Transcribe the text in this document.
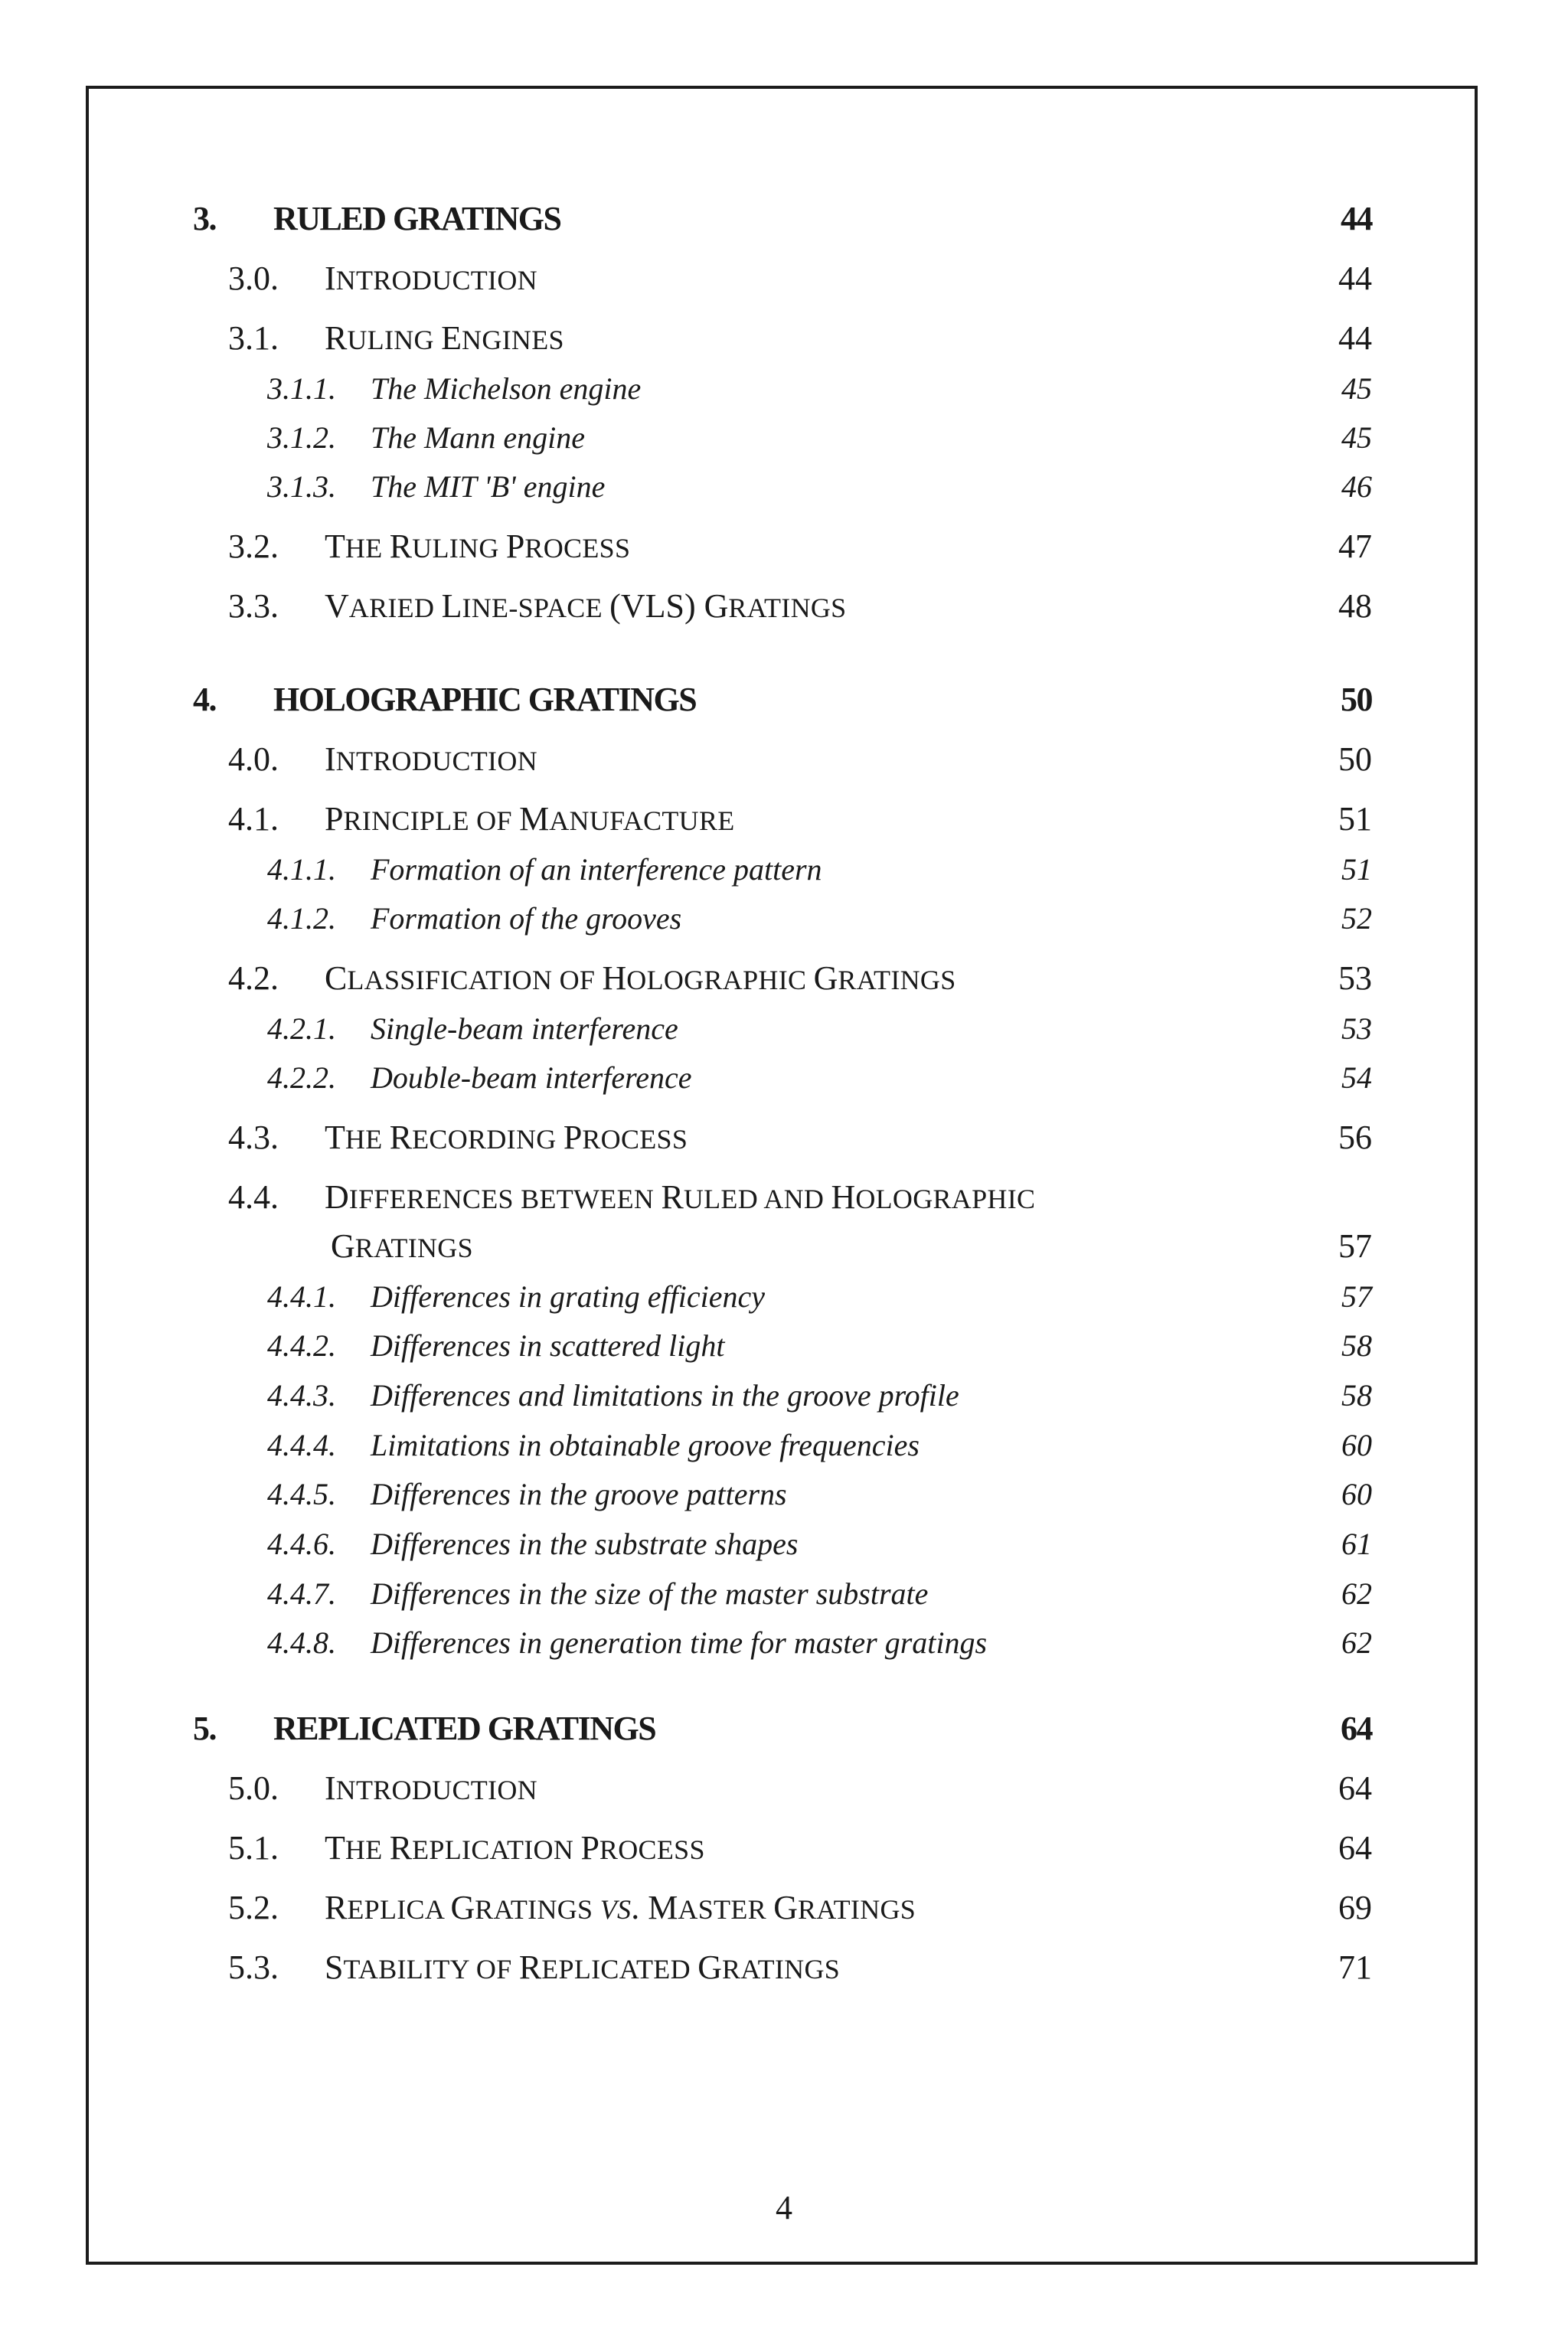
3. RULED GRATINGS	44
3.0. INTRODUCTION	44
3.1. RULING ENGINES	44
3.1.1. The Michelson engine	45
3.1.2. The Mann engine	45
3.1.3. The MIT 'B' engine	46
3.2. THE RULING PROCESS	47
3.3. VARIED LINE-SPACE (VLS) GRATINGS	48
4. HOLOGRAPHIC GRATINGS	50
4.0. INTRODUCTION	50
4.1. PRINCIPLE OF MANUFACTURE	51
4.1.1. Formation of an interference pattern	51
4.1.2. Formation of the grooves	52
4.2. CLASSIFICATION OF HOLOGRAPHIC GRATINGS	53
4.2.1. Single-beam interference	53
4.2.2. Double-beam interference	54
4.3. THE RECORDING PROCESS	56
4.4. DIFFERENCES BETWEEN RULED AND HOLOGRAPHIC
GRATINGS	57
4.4.1. Differences in grating efficiency	57
4.4.2. Differences in scattered light	58
4.4.3. Differences and limitations in the groove profile	58
4.4.4. Limitations in obtainable groove frequencies	60
4.4.5. Differences in the groove patterns	60
4.4.6. Differences in the substrate shapes	61
4.4.7. Differences in the size of the master substrate	62
4.4.8. Differences in generation time for master gratings	62
5. REPLICATED GRATINGS	64
5.0. INTRODUCTION	64
5.1. THE REPLICATION PROCESS	64
5.2. REPLICA GRATINGS VS. MASTER GRATINGS	69
5.3. STABILITY OF REPLICATED GRATINGS	71
4
